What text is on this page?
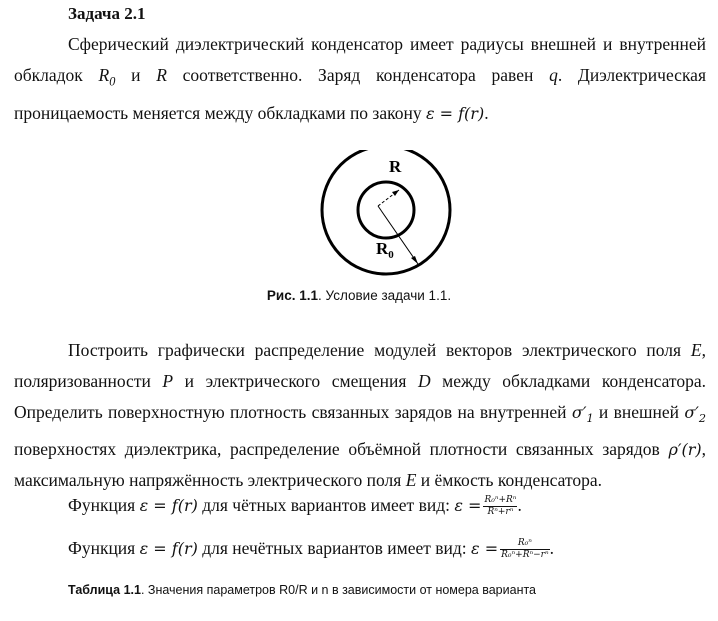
Задача 2.1

Сферический диэлектрический конденсатор имеет радиусы внешней и внутренней обкладок $R_0$ и R соответственно. Заряд конденсатора равен q. Диэлектрическая проницаемость меняется между обкладками по закону ε = f(r).

R
$R_0$
Рис. 1.1. Условие задачи 1.1.

Построить графически распределение модулей векторов электрического поля E, поляризованности P и электрического смещения D между обкладками конденсатора. Определить поверхностную плотность связанных зарядов на внутренней $\sigma'_1$ и внешней $\sigma'_2$ поверхностях диэлектрика, распределение объёмной плотности связанных зарядов ρ′(r), максимальную напряжённость электрического поля E и ёмкость конденсатора.

Функция ε = f(r) для чётных вариантов имеет вид: $\varepsilon = \frac{\text{R₀ⁿ+Rⁿ}}{\text{Rⁿ+rⁿ}}$ .
Функция ε = f(r) для нечётных вариантов имеет вид: $\varepsilon = \frac{\text{R₀ⁿ}}{\text{R₀ⁿ+Rⁿ−rⁿ}}$ .
Таблица 1.1. Значения параметров R0/R и n в зависимости от номера варианта
